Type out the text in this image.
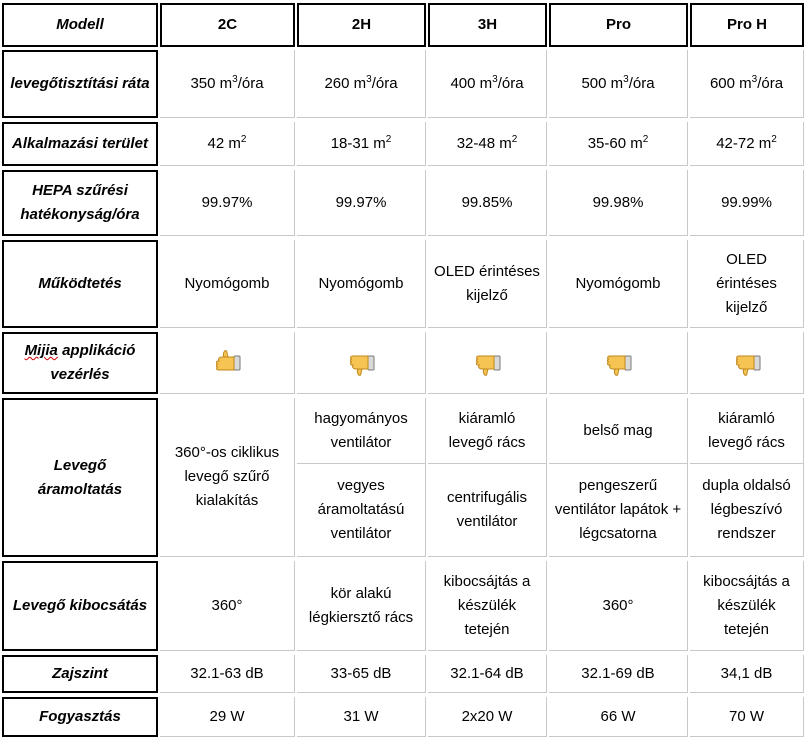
Modell		2C		2H		3H		Pro		Pro H

levegőtisztítási ráta		350 $m^3$/óra		260 $m^3$/óra		400 $m^3$/óra		500 $m^3$/óra		600 $m^3$/óra

Alkalmazási terület		42 $m^2$		18-31 $m^2$		32-48 $m^2$		35-60 $m^2$		42-72 $m^2$

HEPA szűrési hatékonyság/óra		99.97%		99.97%		99.85%		99.98%		99.99%

Működtetés		Nyomógomb		Nyomógomb		OLED érintéses kijelző		Nyomógomb		OLED érintéses kijelző

Mijia applikáció vezérlés										

Levegő áramoltatás		360°-os ciklikus levegő szűrő kialakítás		hagyományos ventilátor		kiáramló levegő rács		belső mag		kiáramló levegő rács
				vegyes áramoltatású ventilátor		centrifugális ventilátor		pengeszerű ventilátor lapátok + légcsatorna		dupla oldalsó légbeszívó rendszer

Levegő kibocsátás		360°		kör alakú légkiersztő rács		kibocsájtás a készülék tetején		360°		kibocsájtás a készülék tetején

Zajszint		32.1-63 dB		33-65 dB		32.1-64 dB		32.1-69 dB		34,1 dB

Fogyasztás		29 W		31 W		2x20 W		66 W		70 W
